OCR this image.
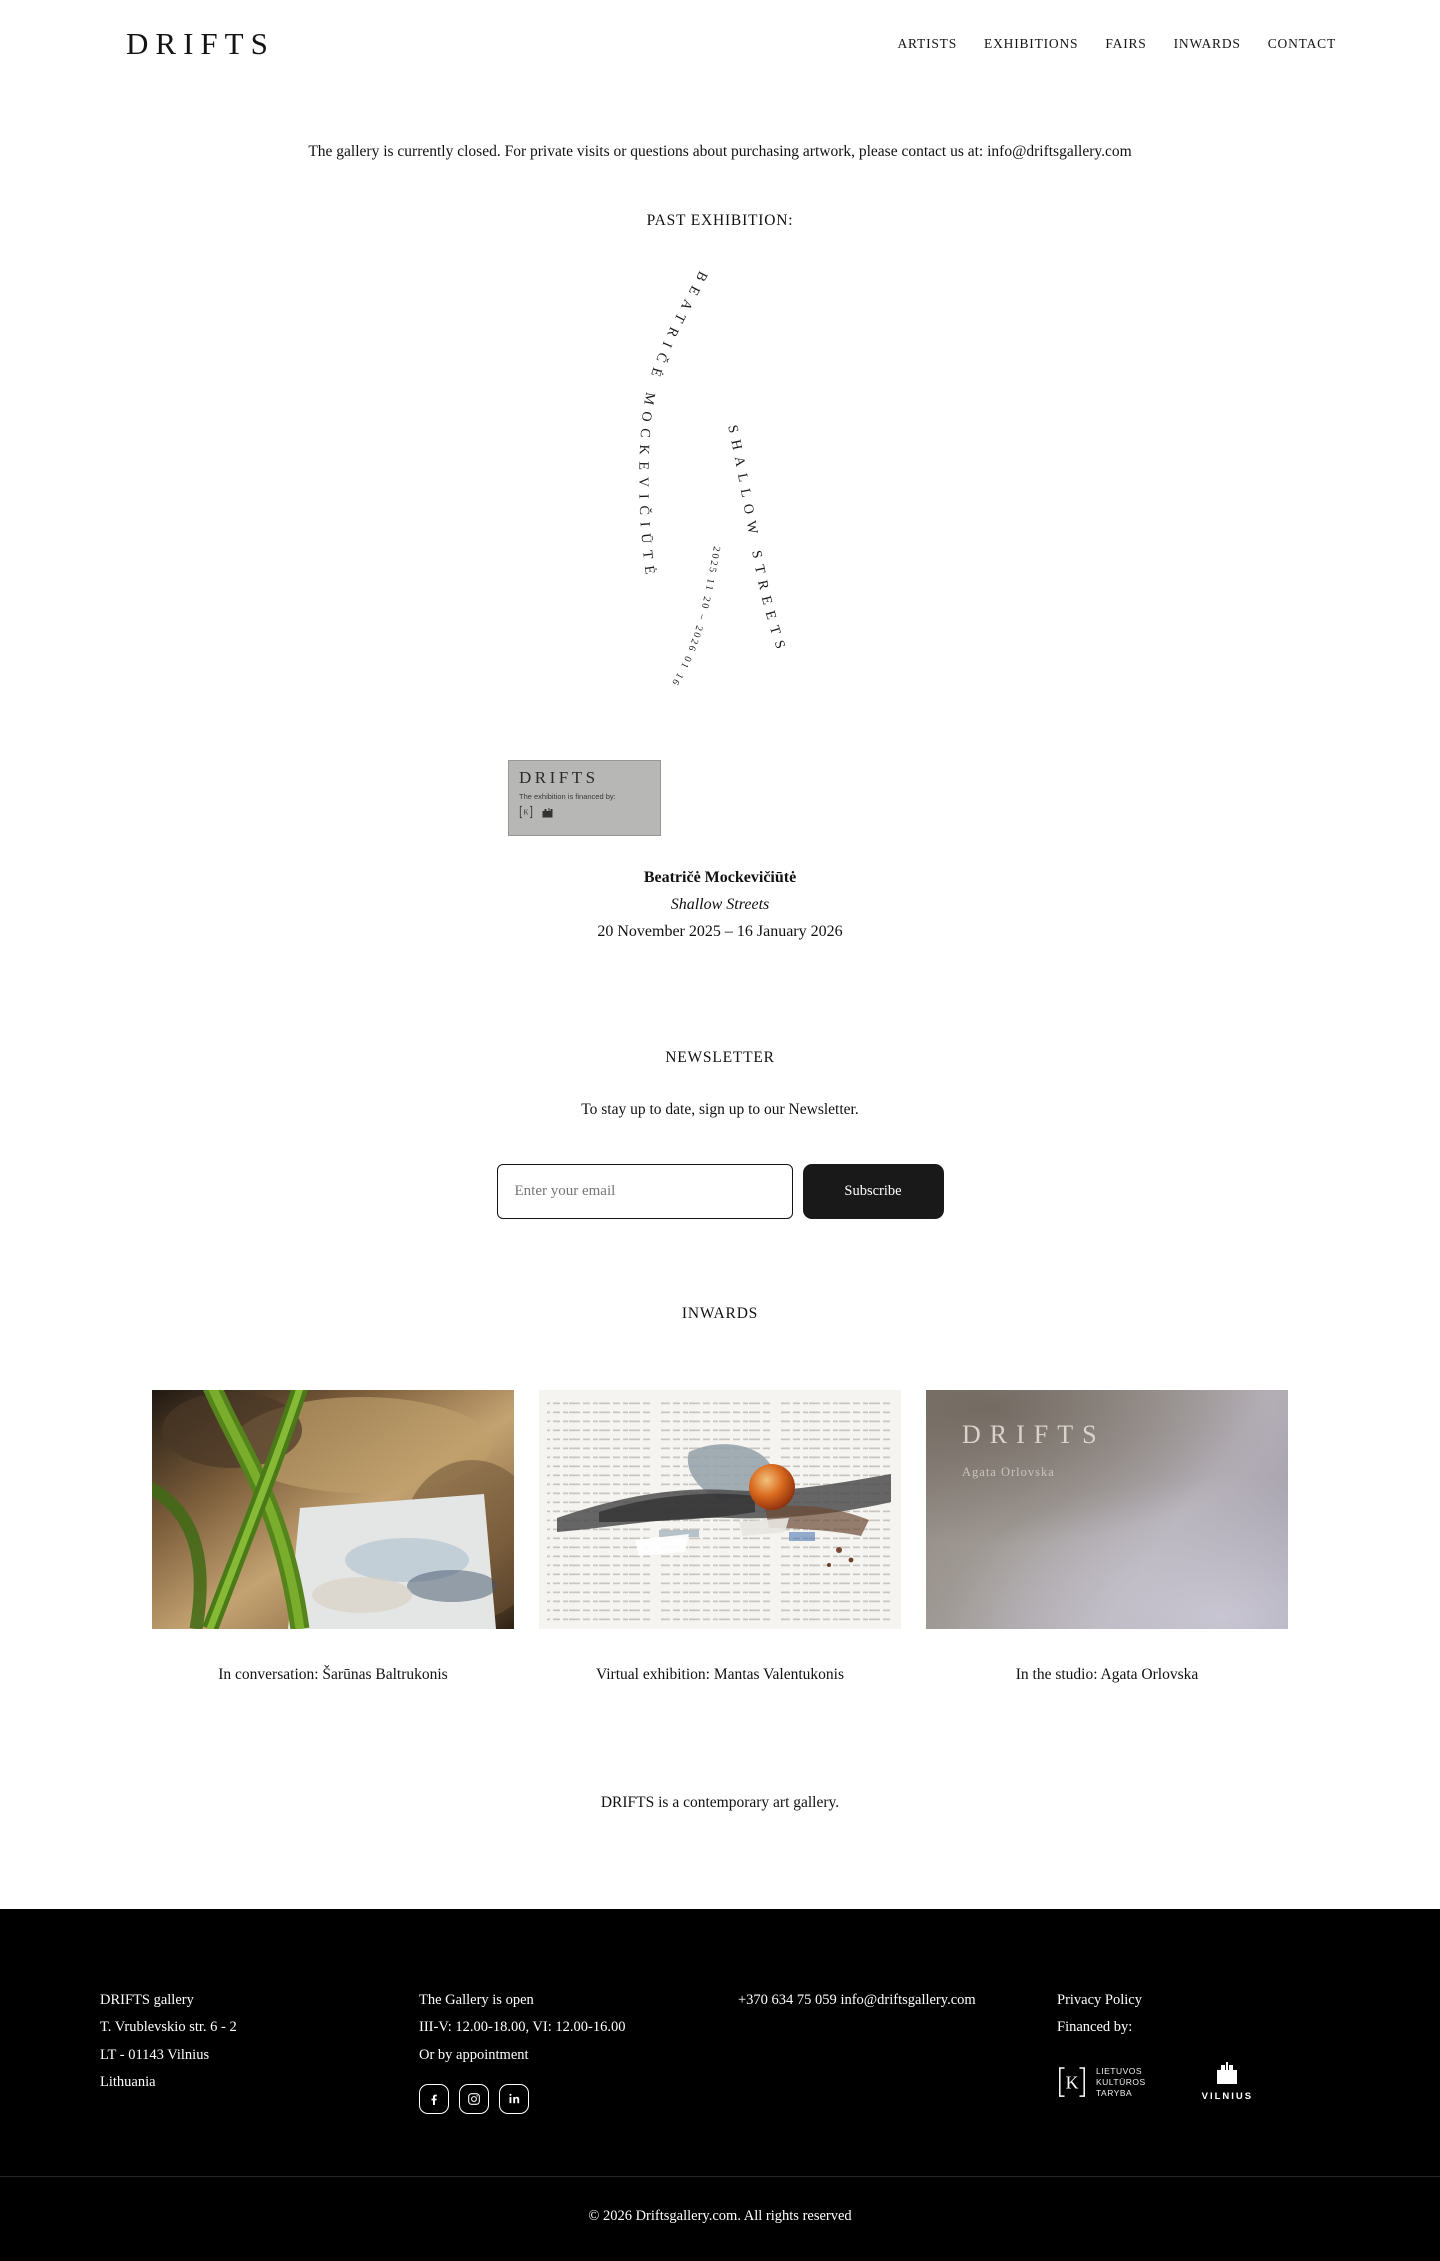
DRIFTS	ARTISTS EXHIBITIONS FAIRS INWARDS CONTACT

The gallery is currently closed. For private visits or questions about purchasing artwork, please contact us at: info@driftsgallery.com

PAST EXHIBITION:
BEATRIČĖ MOCKEVIČIŪTĖ
SHALLOW STREETS
2025 11 20 – 2026 01 16
DRIFTS
The exhibition is financed by:
K
Beatričė Mockevičiūtė
Shallow Streets
20 November 2025 – 16 January 2026
NEWSLETTER

To stay up to date, sign up to our Newsletter.

Enter your email
Subscribe
INWARDS
In conversation: Šarūnas Baltrukonis	Virtual exhibition: Mantas Valentukonis
DRIFTS
Agata Orlovska
In the studio: Agata Orlovska

DRIFTS is a contemporary art gallery.

DRIFTS gallery
T. Vrublevskio str. 6 - 2
LT - 01143 Vilnius
Lithuania
The Gallery is open
III-V: 12.00-18.00, VI: 12.00-16.00
Or by appointment
+370 634 75 059 info@driftsgallery.com	Privacy Policy
Financed by:
K
LIETUVOS
KULTŪROS
TARYBA	VILNIUS
© 2026 Driftsgallery.com. All rights reserved
